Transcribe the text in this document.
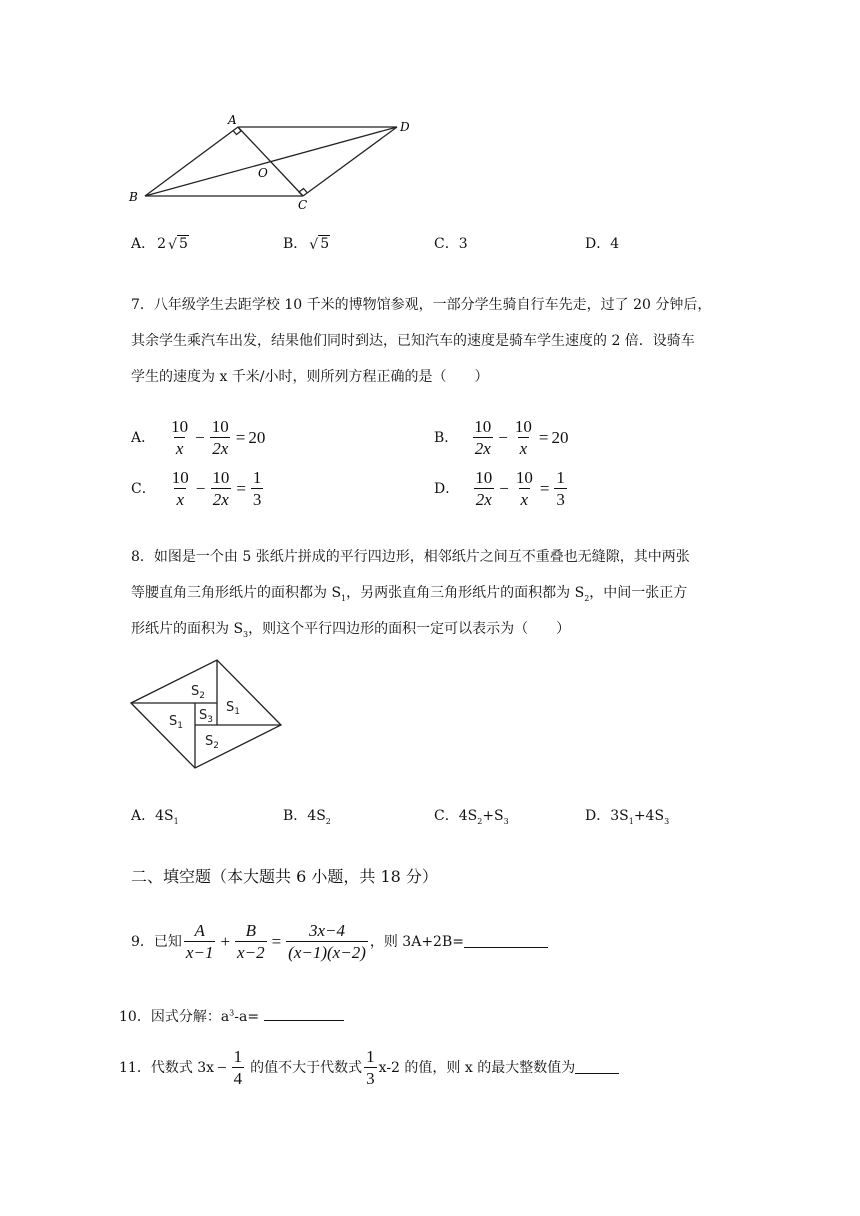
A
B
C
D
O
A． 2 √ 5	B． √ 5	C．3	D．4
7．八年级学生去距学校 10 千米的博物馆参观，一部分学生骑自行车先走，过了 20 分钟后，
其余学生乘汽车出发，结果他们同时到达，已知汽车的速度是骑车学生速度的 2 倍．设骑车
学生的速度为 x 千米/小时，则所列方程正确的是（　　）
A． $\frac{10}{x} - \frac{10}{2x} = 20$	B． $\frac{10}{2x} - \frac{10}{x} = 20$
C． $\frac{10}{x} - \frac{10}{2x} = \frac{1}{3}$	D． $\frac{10}{2x} - \frac{10}{x} = \frac{1}{3}$
8．如图是一个由 5 张纸片拼成的平行四边形，相邻纸片之间互不重叠也无缝隙，其中两张
等腰直角三角形纸片的面积都为 $S_1$，另两张直角三角形纸片的面积都为 $S_2$，中间一张正方
形纸片的面积为 $S_3$，则这个平行四边形的面积一定可以表示为（　　）
$S_2$
$S_1$
$S_3$
$S_1$
$S_2$
A．$4S_1$	B．$4S_2$	C．$4S_2+S_3$	D．$3S_1+4S_3$
二、填空题（本大题共 6 小题，共 18 分）
9．已知 $\frac{A}{x-1} + \frac{B}{x-2} = \frac{3x-4}{(x-1)(x-2)}$ ，则 3A+2B=
10．因式分解：$a^3-a=$
11．代数式 $3x - \frac{1}{4}$ 的值不大于代数式 $\frac{1}{3} x-2$ 的值，则 x 的最大整数值为
